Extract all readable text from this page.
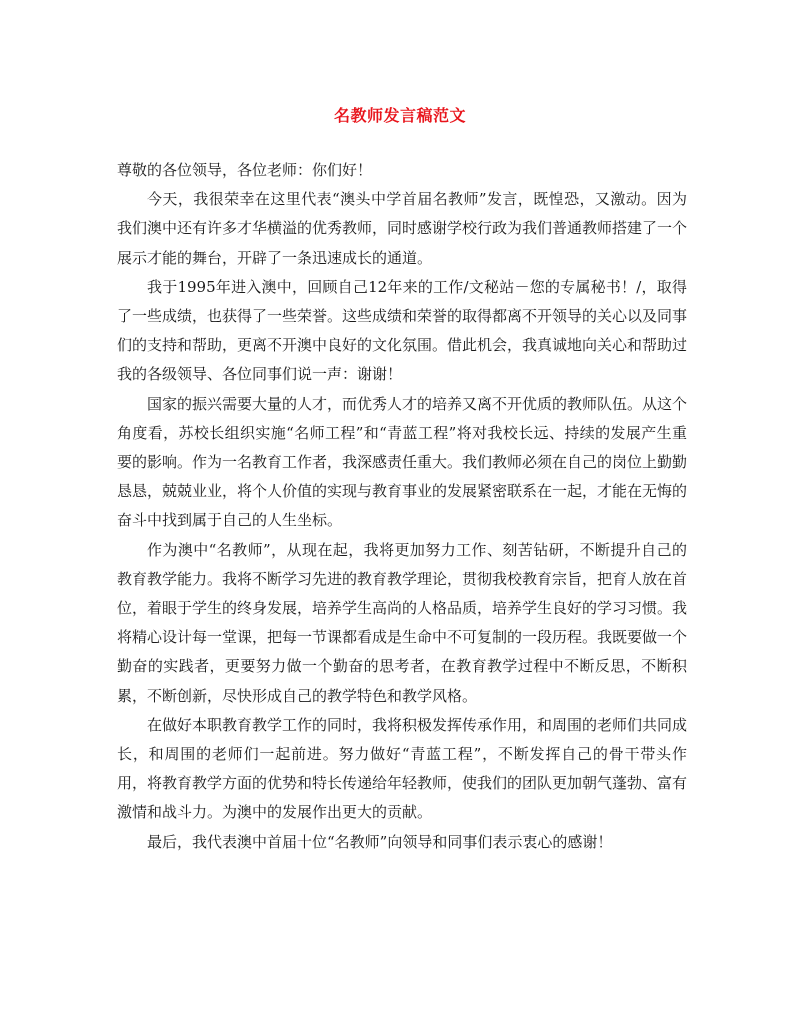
名教师发言稿范文

尊敬的各位领导，各位老师：你们好！

今天，我很荣幸在这里代表“澳头中学首届名教师”发言，既惶恐，又激动。因为我们澳中还有许多才华横溢的优秀教师，同时感谢学校行政为我们普通教师搭建了一个展示才能的舞台，开辟了一条迅速成长的通道。

我于1995年进入澳中，回顾自己12年来的工作/文秘站－您的专属秘书！/，取得了一些成绩，也获得了一些荣誉。这些成绩和荣誉的取得都离不开领导的关心以及同事们的支持和帮助，更离不开澳中良好的文化氛围。借此机会，我真诚地向关心和帮助过我的各级领导、各位同事们说一声：谢谢！

国家的振兴需要大量的人才，而优秀人才的培养又离不开优质的教师队伍。从这个角度看，苏校长组织实施“名师工程”和“青蓝工程”将对我校长远、持续的发展产生重要的影响。作为一名教育工作者，我深感责任重大。我们教师必须在自己的岗位上勤勤恳恳，兢兢业业，将个人价值的实现与教育事业的发展紧密联系在一起，才能在无悔的奋斗中找到属于自己的人生坐标。

作为澳中“名教师”，从现在起，我将更加努力工作、刻苦钻研，不断提升自己的教育教学能力。我将不断学习先进的教育教学理论，贯彻我校教育宗旨，把育人放在首位，着眼于学生的终身发展，培养学生高尚的人格品质，培养学生良好的学习习惯。我将精心设计每一堂课，把每一节课都看成是生命中不可复制的一段历程。我既要做一个勤奋的实践者，更要努力做一个勤奋的思考者，在教育教学过程中不断反思，不断积累，不断创新，尽快形成自己的教学特色和教学风格。

在做好本职教育教学工作的同时，我将积极发挥传承作用，和周围的老师们共同成长，和周围的老师们一起前进。努力做好“青蓝工程”，不断发挥自己的骨干带头作用，将教育教学方面的优势和特长传递给年轻教师，使我们的团队更加朝气蓬勃、富有激情和战斗力。为澳中的发展作出更大的贡献。

最后，我代表澳中首届十位“名教师”向领导和同事们表示衷心的感谢！
